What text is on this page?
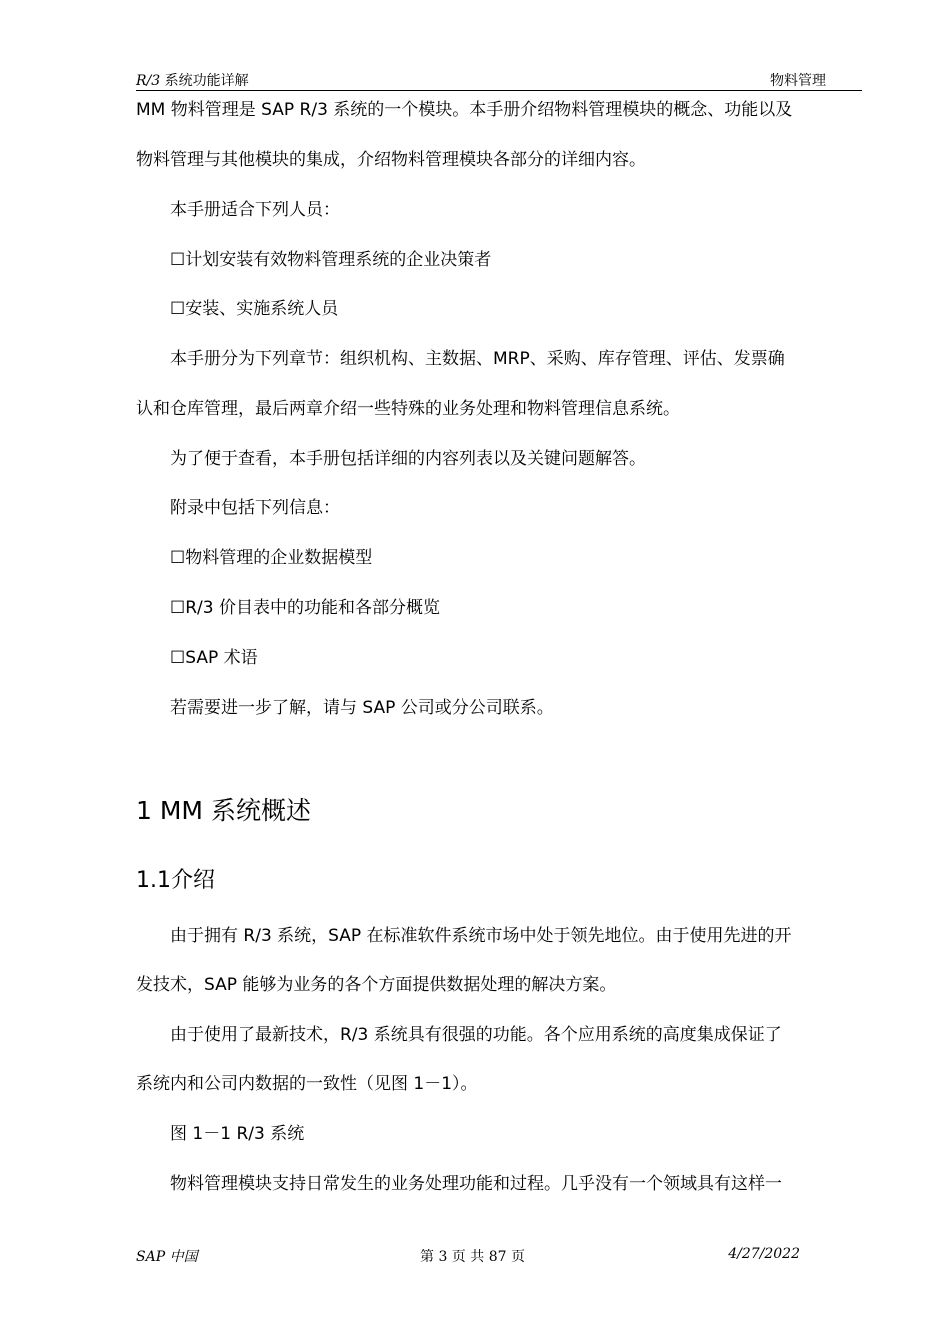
R/3 系统功能详解	物料管理
MM 物料管理是 SAP R/3 系统的一个模块。本手册介绍物料管理模块的概念、功能以及
物料管理与其他模块的集成，介绍物料管理模块各部分的详细内容。
本手册适合下列人员：
☐计划安装有效物料管理系统的企业决策者
☐安装、实施系统人员
本手册分为下列章节：组织机构、主数据、MRP、采购、库存管理、评估、发票确
认和仓库管理，最后两章介绍一些特殊的业务处理和物料管理信息系统。
为了便于查看，本手册包括详细的内容列表以及关键问题解答。
附录中包括下列信息：
☐物料管理的企业数据模型
☐R/3 价目表中的功能和各部分概览
☐SAP 术语
若需要进一步了解，请与 SAP 公司或分公司联系。
1 MM 系统概述
1.1介绍
由于拥有 R/3 系统，SAP 在标准软件系统市场中处于领先地位。由于使用先进的开
发技术，SAP 能够为业务的各个方面提供数据处理的解决方案。
由于使用了最新技术，R/3 系统具有很强的功能。各个应用系统的高度集成保证了
系统内和公司内数据的一致性（见图 1－1）。
图 1－1 R/3 系统
物料管理模块支持日常发生的业务处理功能和过程。几乎没有一个领域具有这样一
SAP 中国	第 3 页 共 87 页	4/27/2022
